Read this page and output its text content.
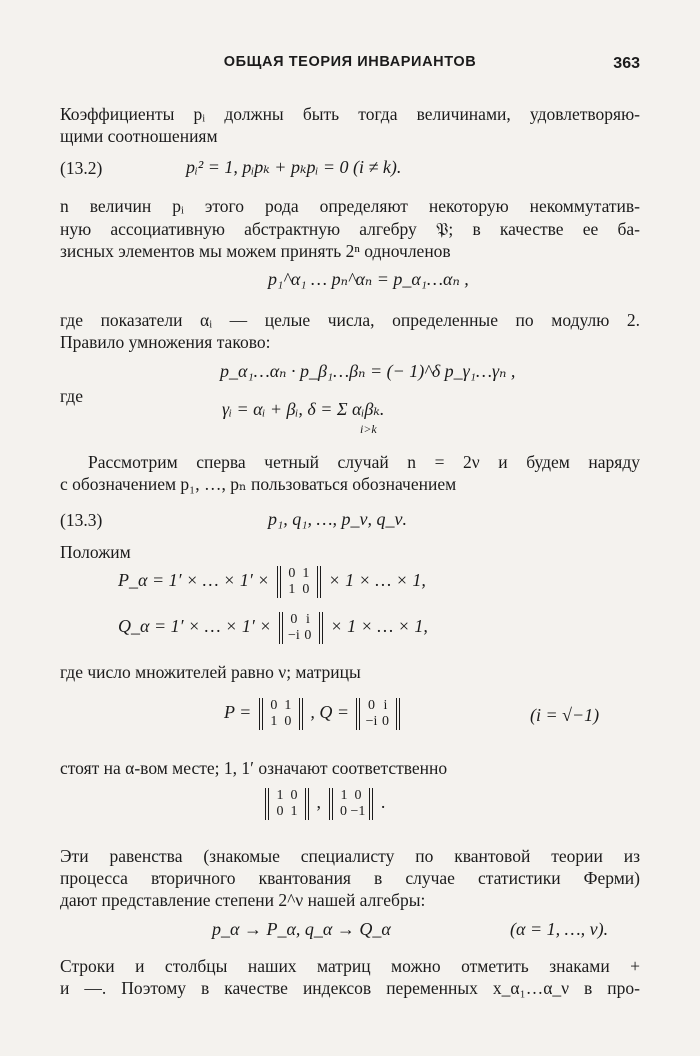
ОБЩАЯ ТЕОРИЯ ИНВАРИАНТОВ	363
Коэффициенты pᵢ должны быть тогда величинами, удовлетворяю-
щими соотношениям
(13.2)	pᵢ² = 1, pᵢpₖ + pₖpᵢ = 0 (i ≠ k).
n величин pᵢ этого рода определяют некоторую некоммутатив-
ную ассоциативную абстрактную алгебру 𝔓; в качестве ее ба-
зисных элементов мы можем принять 2ⁿ одночленов
p₁^α₁ … pₙ^αₙ = p_α₁…αₙ ,
где показатели αᵢ — целые числа, определенные по модулю 2.
Правило умножения таково:
p_α₁…αₙ · p_β₁…βₙ = (− 1)^δ p_γ₁…γₙ ,
где
γᵢ = αᵢ + βᵢ, δ = Σ αᵢβₖ.
i>k
Рассмотрим сперва четный случай n = 2ν и будем наряду
с обозначением p₁, …, pₙ пользоваться обозначением
(13.3)	p₁, q₁, …, p_ν, q_ν.
Положим
P_α = 1′ × … × 1′ × 0 1
1 0 × 1 × … × 1,
Q_α = 1′ × … × 1′ × 0 i
−i 0 × 1 × … × 1,
где число множителей равно ν; матрицы
P = 0 1
1 0 , Q = 0 i
−i 0	(i = √−1)
стоят на α-вом месте; 1, 1′ означают соответственно
1 0
0 1 , 1 0
0 −1 .
Эти равенства (знакомые специалисту по квантовой теории из
процесса вторичного квантования в случае статистики Ферми)
дают представление степени 2^ν нашей алгебры:
p_α → P_α, q_α → Q_α	(α = 1, …, ν).
Строки и столбцы наших матриц можно отметить знаками +
и —. Поэтому в качестве индексов переменных x_α₁…α_ν в про-
